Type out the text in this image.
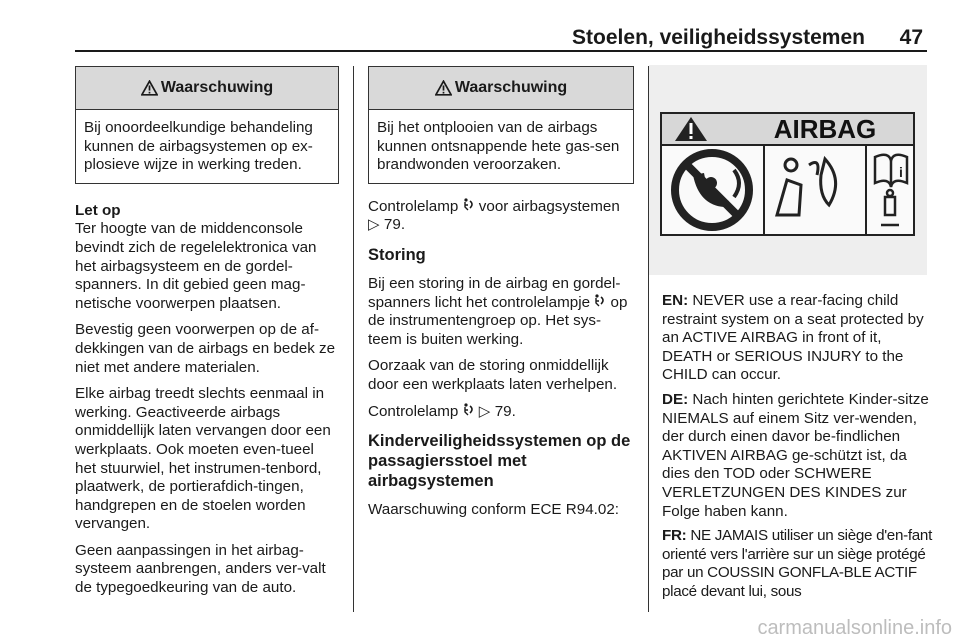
Stoelen, veiligheidssystemen 47
Waarschuwing
Bij onoordeelkundige behandeling kunnen de airbagsystemen op ex-plosieve wijze in werking treden.
Let op

Ter hoogte van de middenconsole bevindt zich de regelelektronica van het airbagsysteem en de gordel-spanners. In dit gebied geen mag-netische voorwerpen plaatsen.

Bevestig geen voorwerpen op de af-dekkingen van de airbags en bedek ze niet met andere materialen.

Elke airbag treedt slechts eenmaal in werking. Geactiveerde airbags onmiddellijk laten vervangen door een werkplaats. Ook moeten even-tueel het stuurwiel, het instrumen-tenbord, plaatwerk, de portierafdich-tingen, handgrepen en de stoelen worden vervangen.

Geen aanpassingen in het airbag-systeem aanbrengen, anders ver-valt de typegoedkeuring van de auto.

Waarschuwing
Bij het ontplooien van de airbags kunnen ontsnappende hete gas-sen brandwonden veroorzaken.

Controlelamp voor airbagsystemen ▷ 79.

Storing

Bij een storing in de airbag en gordel-spanners licht het controlelampje op de instrumentengroep op. Het sys-teem is buiten werking.

Oorzaak van de storing onmiddellijk door een werkplaats laten verhelpen.

Controlelamp ▷ 79.

Kinderveiligheidssystemen op de passagiersstoel met airbagsystemen

Waarschuwing conform ECE R94.02:

AIRBAG
i

EN: NEVER use a rear-facing child restraint system on a seat protected by an ACTIVE AIRBAG in front of it, DEATH or SERIOUS INJURY to the CHILD can occur.

DE: Nach hinten gerichtete Kinder-sitze NIEMALS auf einem Sitz ver-wenden, der durch einen davor be-findlichen AKTIVEN AIRBAG ge-schützt ist, da dies den TOD oder SCHWERE VERLETZUNGEN DES KINDES zur Folge haben kann.

FR: NE JAMAIS utiliser un siège d'en-fant orienté vers l'arrière sur un siège protégé par un COUSSIN GONFLA-BLE ACTIF placé devant lui, sous

carmanualsonline.info
